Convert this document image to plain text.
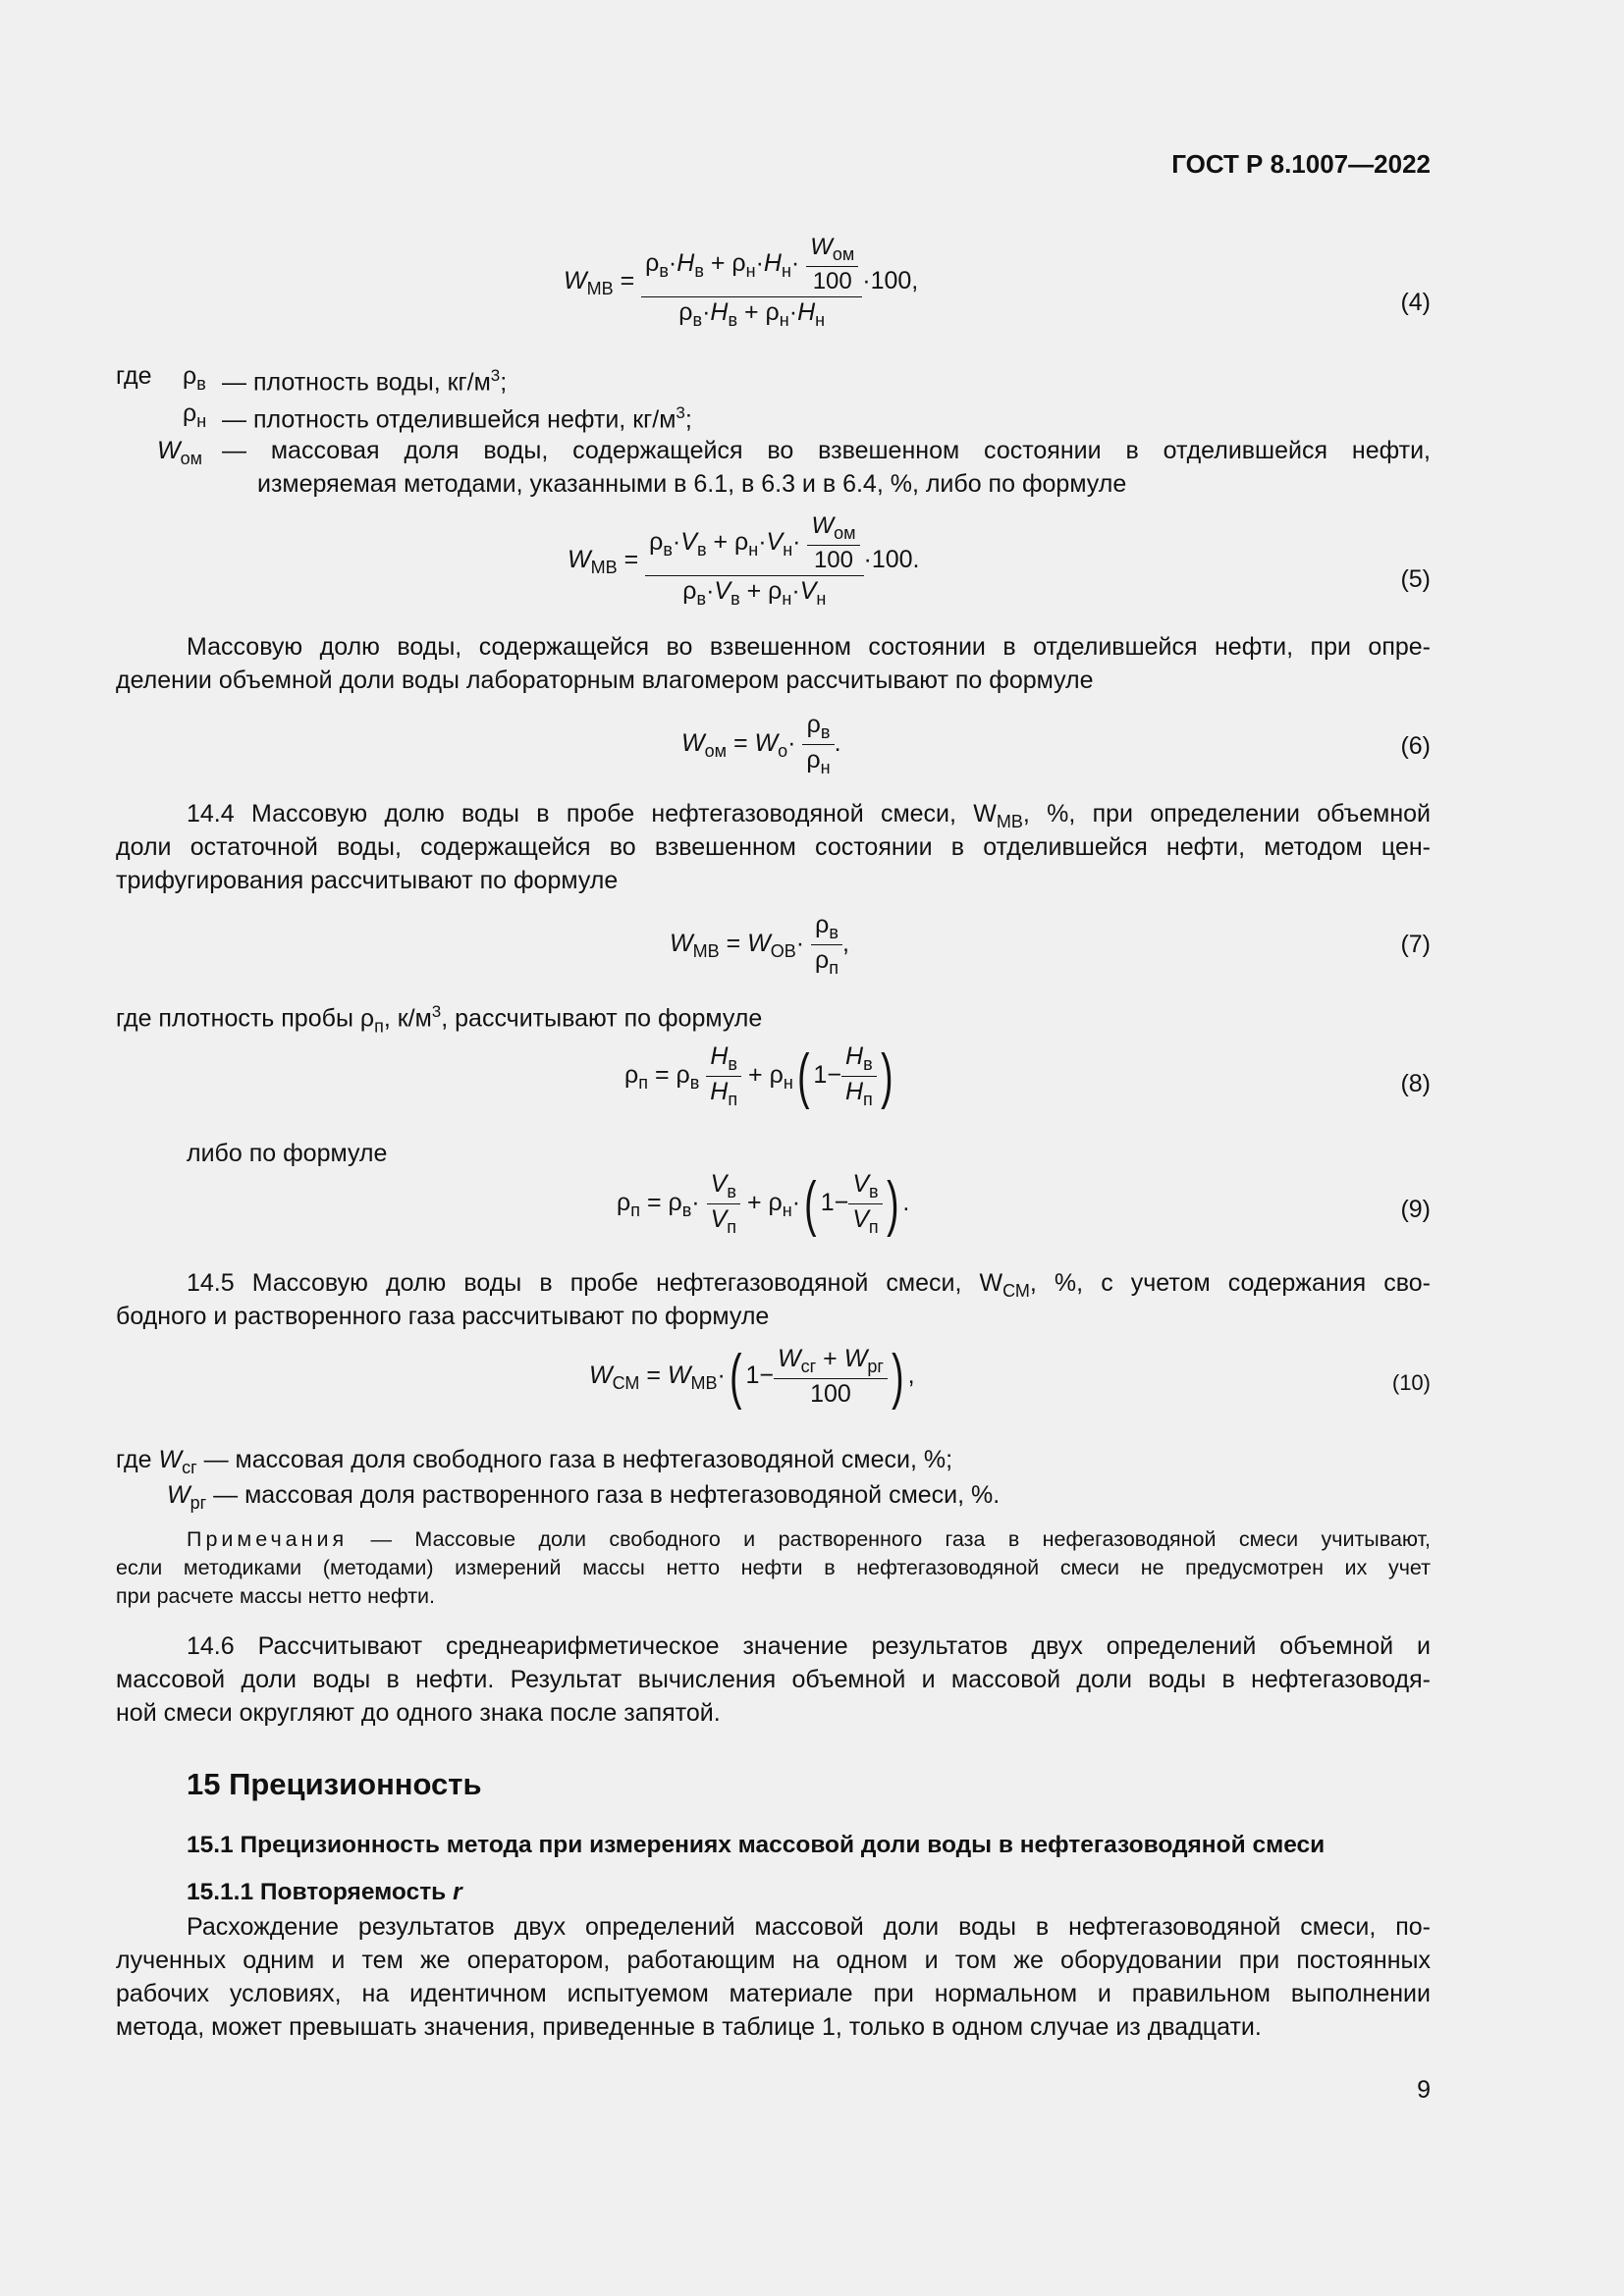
ГОСТ Р 8.1007—2022
$W_{МВ} = \frac{\rho_в\cdot H_в + \rho_н\cdot H_н\cdot \frac{W_{ом}}{100}}{\rho_в\cdot H_в + \rho_н\cdot H_н} \cdot 100$,
(4)
где $\rho_в$ — плотность воды, $кг/м^3$;
$\rho_н$ — плотность отделившейся нефти, $кг/м^3$;
$W_{ом}$ — массовая доля воды, содержащейся во взвешенном состоянии в отделившейся нефти,
измеряемая методами, указанными в 6.1, в 6.3 и в 6.4, %, либо по формуле
$W_{МВ} = \frac{\rho_в\cdot V_в + \rho_н\cdot V_н\cdot \frac{W_{ом}}{100}}{\rho_в\cdot V_в + \rho_н\cdot V_н} \cdot 100$.
(5)
Массовую долю воды, содержащейся во взвешенном состоянии в отделившейся нефти, при опре-
делении объемной доли воды лабораторным влагомером рассчитывают по формуле
$W_{ом} = W_о\cdot \frac{\rho_в}{\rho_н}$ .	(6)
14.4 Массовую долю воды в пробе нефтегазоводяной смеси, $W_{МВ}$, %, при определении объемной
доли остаточной воды, содержащейся во взвешенном состоянии в отделившейся нефти, методом цен-
трифугирования рассчитывают по формуле
$W_{МВ} = W_{ОВ}\cdot \frac{\rho_в}{\rho_п}$ ,	(7)
где плотность пробы $\rho_п$, $к/м^3$, рассчитывают по формуле
$\rho_п = \rho_в \frac{H_в}{H_п} + \rho_н$( $1- \frac{H_в}{H_п}$ )	(8)
либо по формуле
$\rho_п = \rho_в\cdot \frac{V_в}{V_п} + \rho_н\cdot$( $1- \frac{V_в}{V_п}$ ) .	(9)
14.5 Массовую долю воды в пробе нефтегазоводяной смеси, $W_{СМ}$, %, с учетом содержания сво-
бодного и растворенного газа рассчитывают по формуле
$W_{СМ} = W_{МВ}\cdot$( $1- \frac{W_{сг} + W_{рг}}{100}$ ) ,	(10)
где $W_{сг}$ — массовая доля свободного газа в нефтегазоводяной смеси, %;
$W_{рг}$ — массовая доля растворенного газа в нефтегазоводяной смеси, %.
Примечания — Массовые доли свободного и растворенного газа в нефегазоводяной смеси учитывают,
если методиками (методами) измерений массы нетто нефти в нефтегазоводяной смеси не предусмотрен их учет
при расчете массы нетто нефти.
14.6 Рассчитывают среднеарифметическое значение результатов двух определений объемной и
массовой доли воды в нефти. Результат вычисления объемной и массовой доли воды в нефтегазоводя-
ной смеси округляют до одного знака после запятой.
15 Прецизионность
15.1 Прецизионность метода при измерениях массовой доли воды в нефтегазоводяной смеси
15.1.1 Повторяемость r
Расхождение результатов двух определений массовой доли воды в нефтегазоводяной смеси, по-
лученных одним и тем же оператором, работающим на одном и том же оборудовании при постоянных
рабочих условиях, на идентичном испытуемом материале при нормальном и правильном выполнении
метода, может превышать значения, приведенные в таблице 1, только в одном случае из двадцати.
9
